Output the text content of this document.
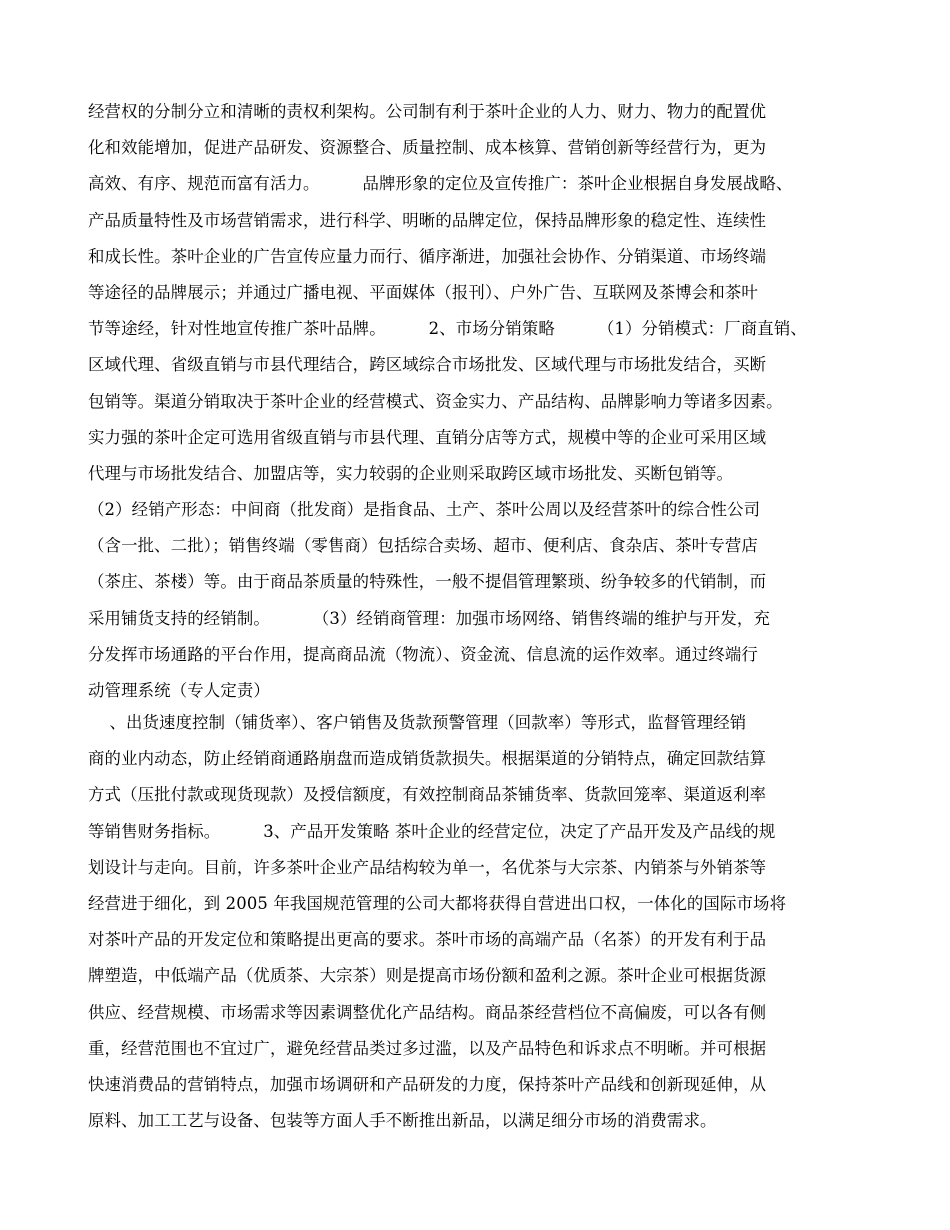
经营权的分制分立和清晰的责权利架构。公司制有利于茶叶企业的人力、财力、物力的配置优
化和效能增加，促进产品研发、资源整合、质量控制、成本核算、营销创新等经营行为，更为
高效、有序、规范而富有活力。        品牌形象的定位及宣传推广：茶叶企业根据自身发展战略、
产品质量特性及市场营销需求，进行科学、明晰的品牌定位，保持品牌形象的稳定性、连续性
和成长性。茶叶企业的广告宣传应量力而行、循序渐进，加强社会协作、分销渠道、市场终端
等途径的品牌展示；并通过广播电视、平面媒体（报刊）、户外广告、互联网及茶博会和茶叶
节等途经，针对性地宣传推广茶叶品牌。        2、市场分销策略        （1）分销模式：厂商直销、
区域代理、省级直销与市县代理结合，跨区域综合市场批发、区域代理与市场批发结合，买断
包销等。渠道分销取决于茶叶企业的经营模式、资金实力、产品结构、品牌影响力等诸多因素。
实力强的茶叶企定可选用省级直销与市县代理、直销分店等方式，规模中等的企业可采用区域
代理与市场批发结合、加盟店等，实力较弱的企业则采取跨区域市场批发、买断包销等。
（2）经销产形态：中间商（批发商）是指食品、土产、茶叶公周以及经营茶叶的综合性公司
（含一批、二批）；销售终端（零售商）包括综合卖场、超市、便利店、食杂店、茶叶专营店
（茶庄、茶楼）等。由于商品茶质量的特殊性，一般不提倡管理繁琐、纷争较多的代销制，而
采用铺货支持的经销制。        （3）经销商管理：加强市场网络、销售终端的维护与开发，充
分发挥市场通路的平台作用，提高商品流（物流）、资金流、信息流的运作效率。通过终端行
动管理系统（专人定责）
、出货速度控制（铺货率）、客户销售及货款预警管理（回款率）等形式，监督管理经销
商的业内动态，防止经销商通路崩盘而造成销货款损失。根据渠道的分销特点，确定回款结算
方式（压批付款或现货现款）及授信额度，有效控制商品茶铺货率、货款回笼率、渠道返利率
等销售财务指标。        3、产品开发策略 茶叶企业的经营定位，决定了产品开发及产品线的规
划设计与走向。目前，许多茶叶企业产品结构较为单一，名优茶与大宗茶、内销茶与外销茶等
经营进于细化，到 2005 年我国规范管理的公司大都将获得自营进出口权，一体化的国际市场将
对茶叶产品的开发定位和策略提出更高的要求。茶叶市场的高端产品（名茶）的开发有利于品
牌塑造，中低端产品（优质茶、大宗茶）则是提高市场份额和盈利之源。茶叶企业可根据货源
供应、经营规模、市场需求等因素调整优化产品结构。商品茶经营档位不高偏废，可以各有侧
重，经营范围也不宜过广，避免经营品类过多过滥，以及产品特色和诉求点不明晰。并可根据
快速消费品的营销特点，加强市场调研和产品研发的力度，保持茶叶产品线和创新现延伸，从
原料、加工工艺与设备、包装等方面人手不断推出新品，以满足细分市场的消费需求。
